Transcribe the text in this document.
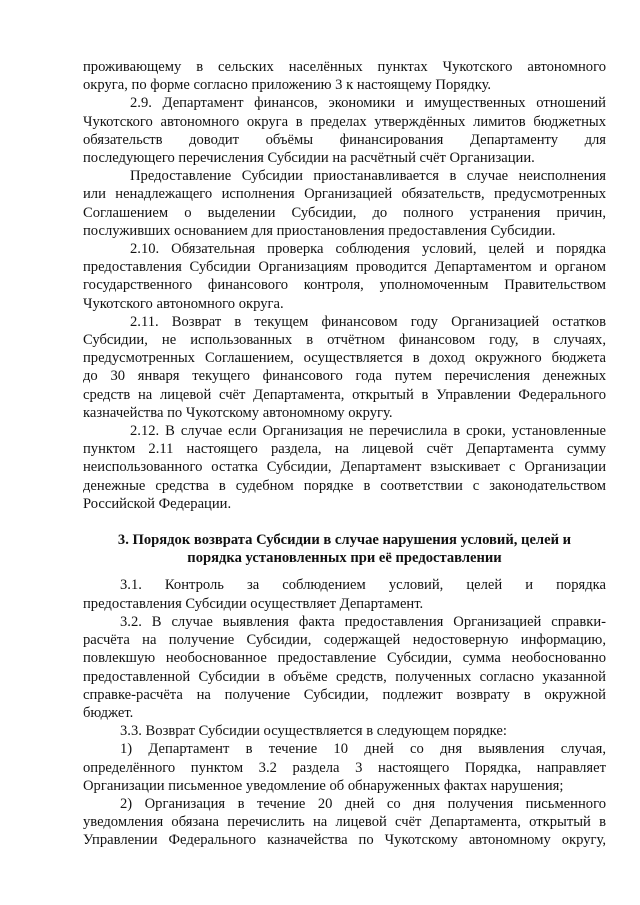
проживающему в сельских населённых пунктах Чукотского автономного
округа, по форме согласно приложению 3 к настоящему Порядку.
2.9. Департамент финансов, экономики и имущественных отношений
Чукотского автономного округа в пределах утверждённых лимитов бюджетных
обязательств доводит объёмы финансирования Департаменту для
последующего перечисления Субсидии на расчётный счёт Организации.
Предоставление Субсидии приостанавливается в случае неисполнения
или ненадлежащего исполнения Организацией обязательств, предусмотренных
Соглашением о выделении Субсидии, до полного устранения причин,
послуживших основанием для приостановления предоставления Субсидии.
2.10. Обязательная проверка соблюдения условий, целей и порядка
предоставления Субсидии Организациям проводится Департаментом и органом
государственного финансового контроля, уполномоченным Правительством
Чукотского автономного округа.
2.11. Возврат в текущем финансовом году Организацией остатков
Субсидии, не использованных в отчётном финансовом году, в случаях,
предусмотренных Соглашением, осуществляется в доход окружного бюджета
до 30 января текущего финансового года путем перечисления денежных
средств на лицевой счёт Департамента, открытый в Управлении Федерального
казначейства по Чукотскому автономному округу.
2.12. В случае если Организация не перечислила в сроки, установленные
пунктом 2.11 настоящего раздела, на лицевой счёт Департамента сумму
неиспользованного остатка Субсидии, Департамент взыскивает с Организации
денежные средства в судебном порядке в соответствии с законодательством
Российской Федерации.
3. Порядок возврата Субсидии в случае нарушения условий, целей и
порядка установленных при её предоставлении
3.1. Контроль за соблюдением условий, целей и порядка
предоставления Субсидии осуществляет Департамент.
3.2. В случае выявления факта предоставления Организацией справки-
расчёта на получение Субсидии, содержащей недостоверную информацию,
повлекшую необоснованное предоставление Субсидии, сумма необоснованно
предоставленной Субсидии в объёме средств, полученных согласно указанной
справке-расчёта на получение Субсидии, подлежит возврату в окружной
бюджет.
3.3. Возврат Субсидии осуществляется в следующем порядке:
1) Департамент в течение 10 дней со дня выявления случая,
определённого пунктом 3.2 раздела 3 настоящего Порядка, направляет
Организации письменное уведомление об обнаруженных фактах нарушения;
2) Организация в течение 20 дней со дня получения письменного
уведомления обязана перечислить на лицевой счёт Департамента, открытый в
Управлении Федерального казначейства по Чукотскому автономному округу,
